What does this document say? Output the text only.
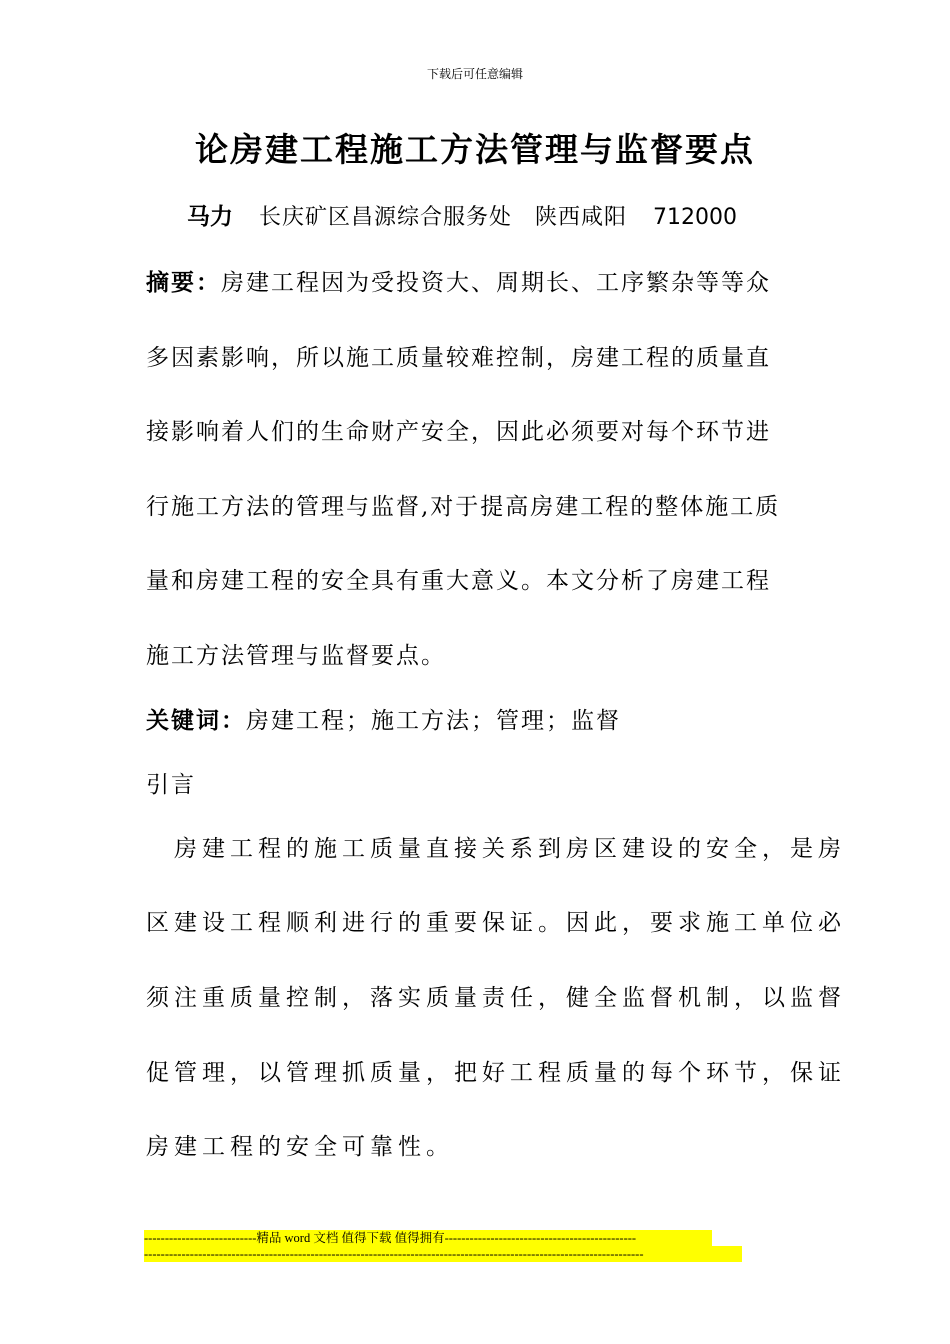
下载后可任意编辑
论房建工程施工方法管理与监督要点
马力 长庆矿区昌源综合服务处　陕西咸阳 712000
摘要：房建工程因为受投资大、周期长、工序繁杂等等众
多因素影响，所以施工质量较难控制，房建工程的质量直
接影响着人们的生命财产安全，因此必须要对每个环节进
行施工方法的管理与监督,对于提高房建工程的整体施工质
量和房建工程的安全具有重大意义。本文分析了房建工程
施工方法管理与监督要点。
关键词：房建工程；施工方法；管理；监督
引言
　房建工程的施工质量直接关系到房区建设的安全，是房
区建设工程顺利进行的重要保证。因此，要求施工单位必
须注重质量控制，落实质量责任，健全监督机制，以监督
促管理，以管理抓质量，把好工程质量的每个环节，保证
房建工程的安全可靠性。
---------------------------精品 word 文档 值得下载 值得拥有----------------------------------------------
------------------------------------------------------------------------------------------------------------------------
